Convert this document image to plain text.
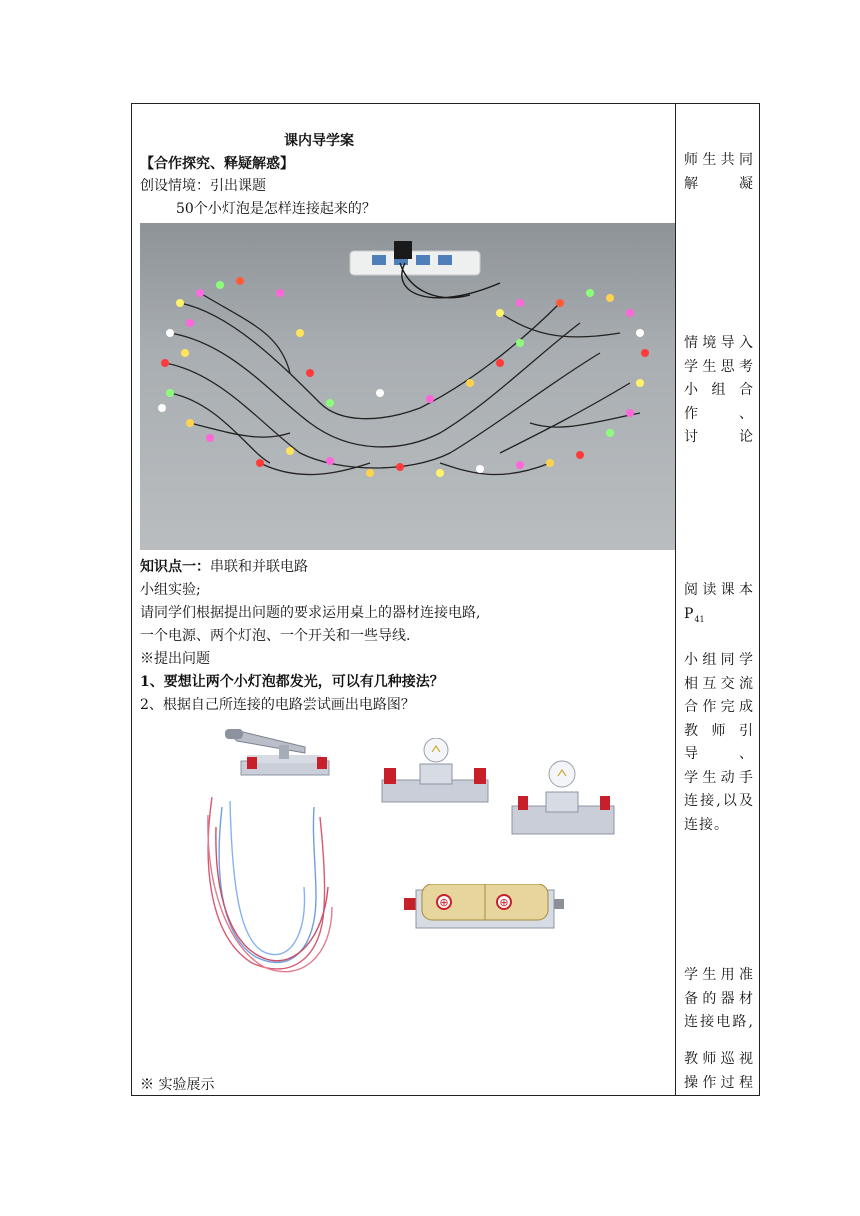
课内导学案
【合作探究、释疑解惑】
创设情境：引出课题
50个小灯泡是怎样连接起来的？
知识点一：串联和并联电路
小组实验;
请同学们根据提出问题的要求运用桌上的器材连接电路,
一个电源、两个灯泡、一个开关和一些导线.
※提出问题
1、要想让两个小灯泡都发光，可以有几种接法？
2、根据自己所连接的电路尝试画出电路图？
⊕	⊕
※ 实验展示
师生共同
解凝
情境导入
学生思考
小组合作、
讨论
阅读课本
$P_{41}$
小组同学
相互交流
合作完成
教师引导、
学生动手
连接,以及
连接。
学生用准
备的器材
连接电路,
教师巡视
操作过程
